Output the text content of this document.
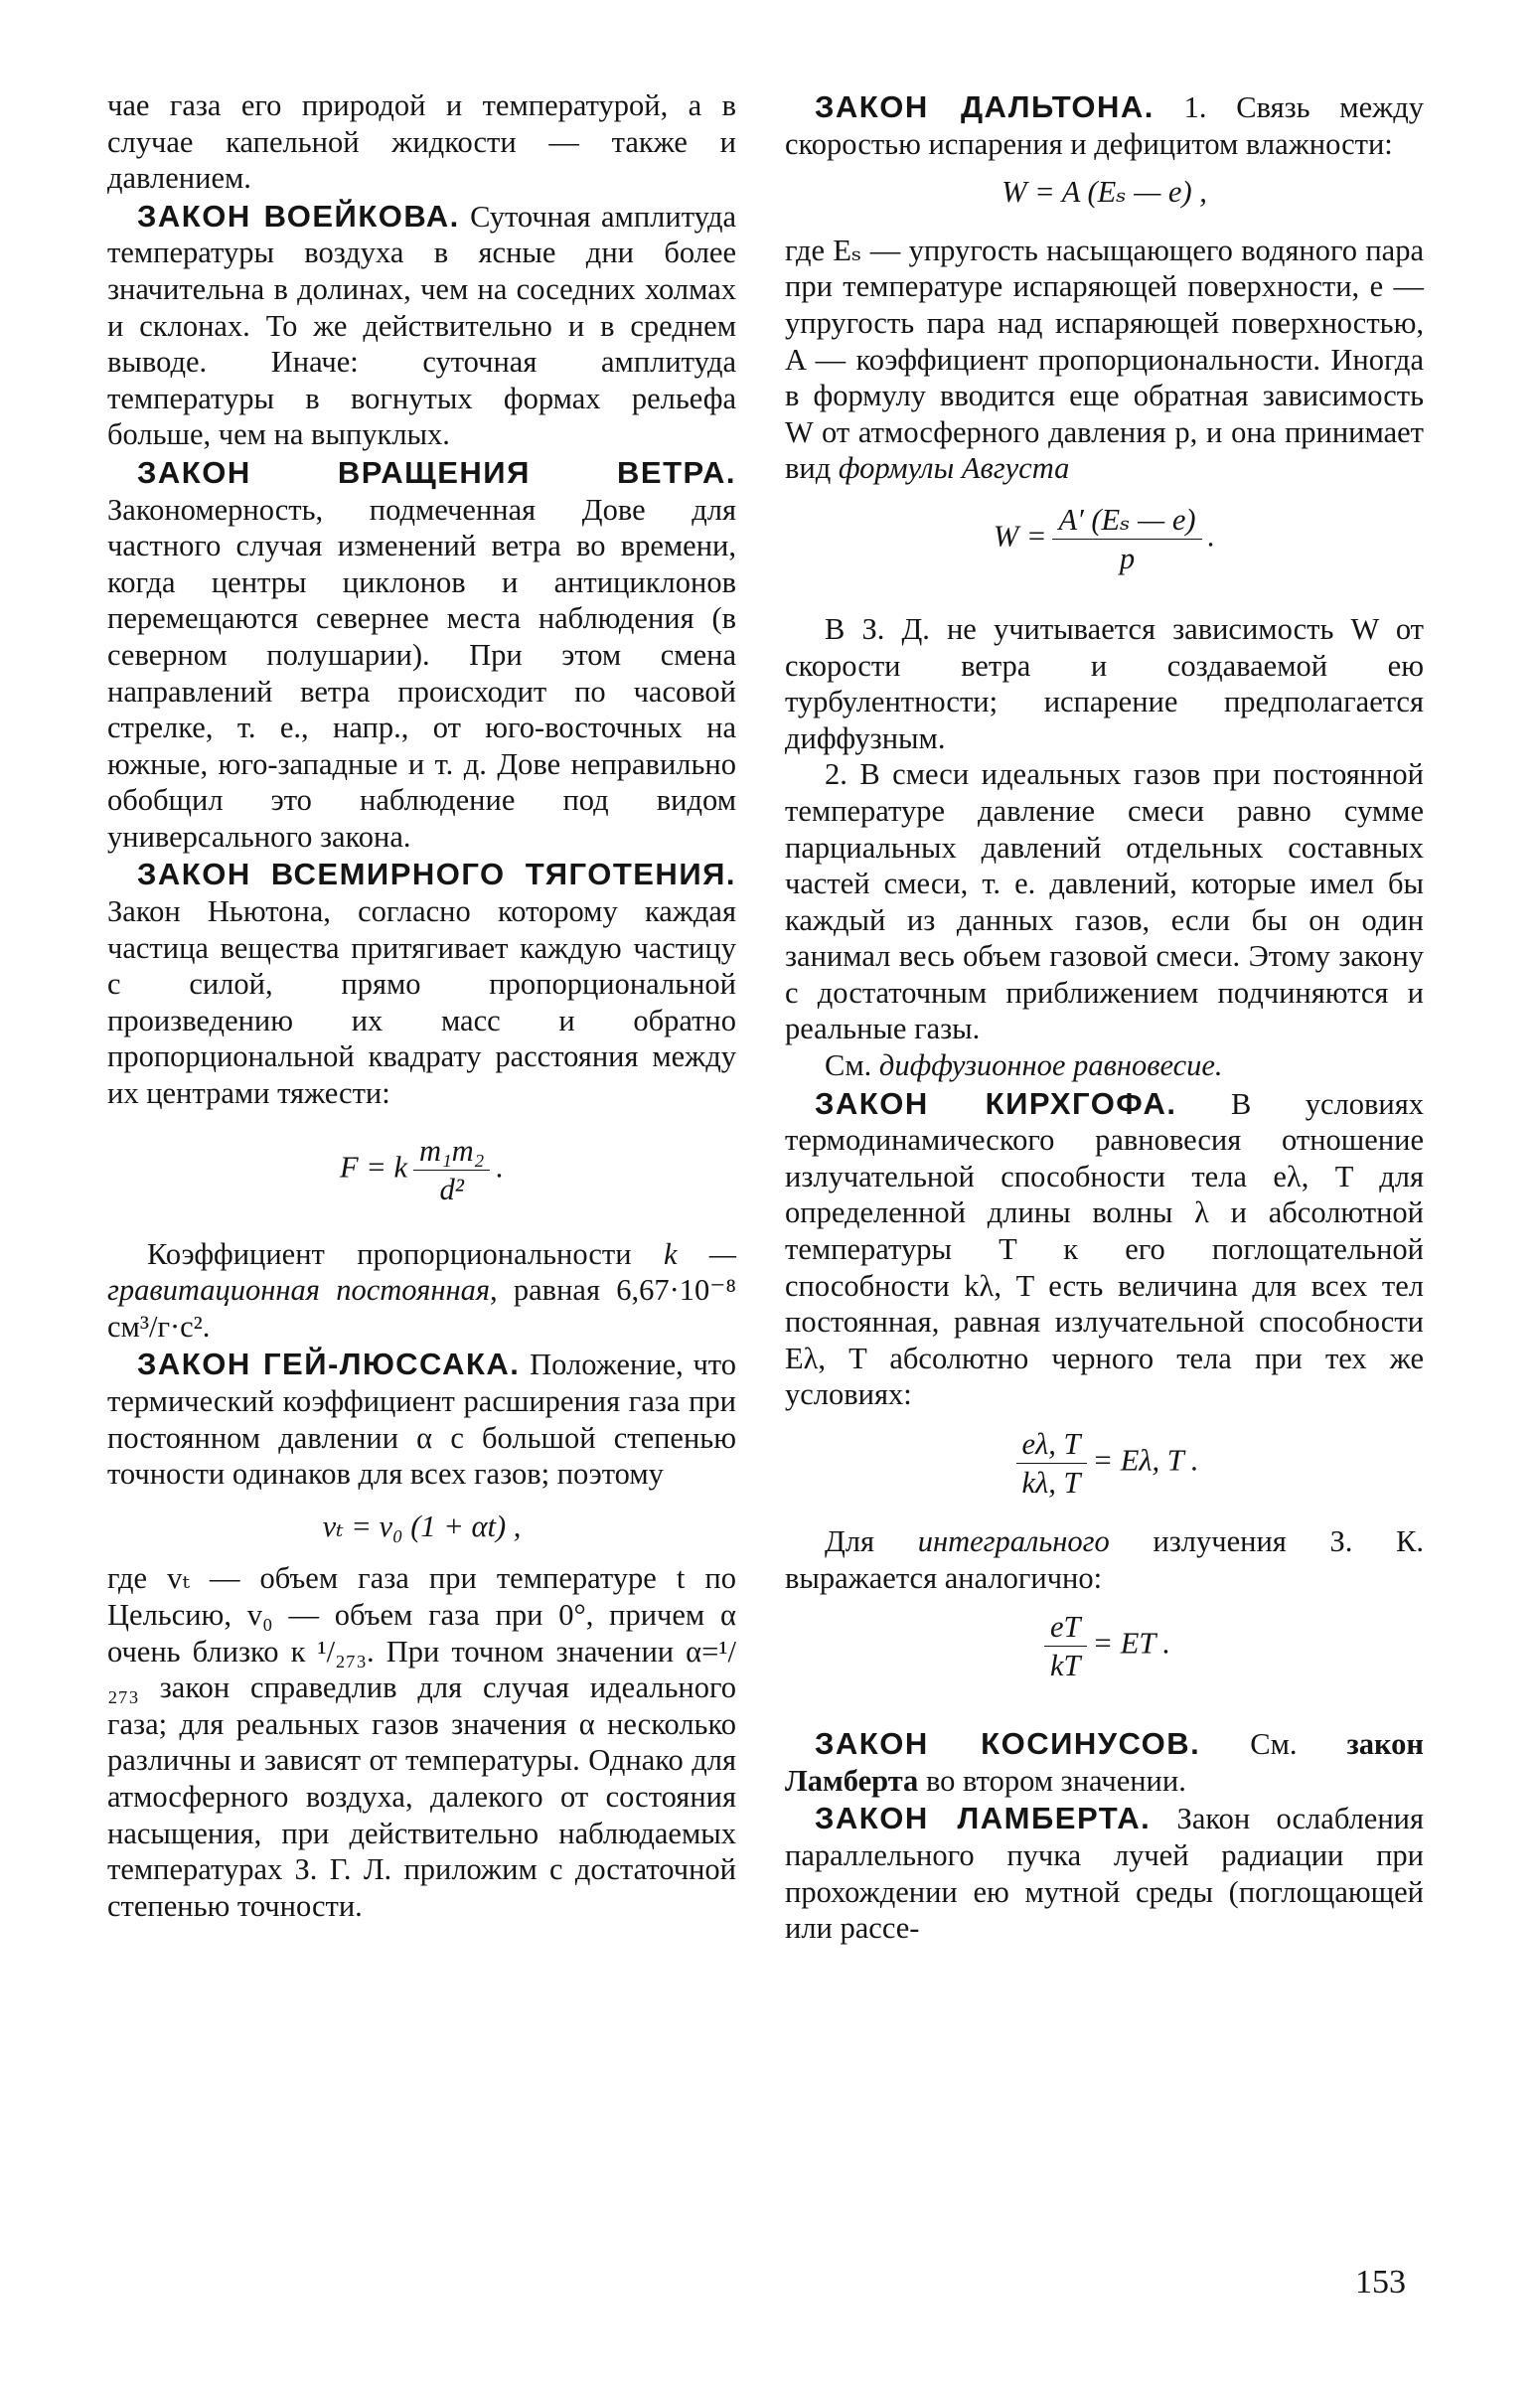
чае газа его природой и температурой, а в случае капельной жидкости — также и давлением.

ЗАКОН ВОЕЙКОВА. Суточная амплитуда температуры воздуха в ясные дни более значительна в долинах, чем на соседних холмах и склонах. То же действительно и в среднем выводе. Иначе: суточная амплитуда температуры в вогнутых формах рельефа больше, чем на выпуклых.

ЗАКОН ВРАЩЕНИЯ ВЕТРА. Закономерность, подмеченная Дове для частного случая изменений ветра во времени, когда центры циклонов и антициклонов перемещаются севернее места наблюдения (в северном полушарии). При этом смена направлений ветра происходит по часовой стрелке, т. е., напр., от юго-восточных на южные, юго-западные и т. д. Дове неправильно обобщил это наблюдение под видом универсального закона.

ЗАКОН ВСЕМИРНОГО ТЯГОТЕНИЯ. Закон Ньютона, согласно которому каждая частица вещества притягивает каждую частицу с силой, прямо пропорциональной произведению их масс и обратно пропорциональной квадрату расстояния между их центрами тяжести:

F = k $\frac{\text{m₁m₂}}{\text{d²}}$ .

Коэффициент пропорциональности k — гравитационная постоянная, равная 6,67·10⁻⁸ см³/г·с².

ЗАКОН ГЕЙ-ЛЮССАКА. Положение, что термический коэффициент расширения газа при постоянном давлении α с большой степенью точности одинаков для всех газов; поэтому

vₜ = v₀ (1 + αt) ,

где vₜ — объем газа при температуре t по Цельсию, v₀ — объем газа при 0°, причем α очень близко к ¹/₂₇₃. При точном значении α=¹/₂₇₃ закон справедлив для случая идеального газа; для реальных газов значения α несколько различны и зависят от температуры. Однако для атмосферного воздуха, далекого от состояния насыщения, при действительно наблюдаемых температурах З. Г. Л. приложим с достаточной степенью точности.

ЗАКОН ДАЛЬТОНА. 1. Связь между скоростью испарения и дефицитом влажности:

W = A (Eₛ — e) ,

где Eₛ — упругость насыщающего водяного пара при температуре испаряющей поверхности, e — упругость пара над испаряющей поверхностью, A — коэффициент пропорциональности. Иногда в формулу вводится еще обратная зависимость W от атмосферного давления p, и она принимает вид формулы Августа

$W = \frac{\text{A′ (Eₛ — e)}}{p}$ .

В З. Д. не учитывается зависимость W от скорости ветра и создаваемой ею турбулентности; испарение предполагается диффузным.

2. В смеси идеальных газов при постоянной температуре давление смеси равно сумме парциальных давлений отдельных составных частей смеси, т. е. давлений, которые имел бы каждый из данных газов, если бы он один занимал весь объем газовой смеси. Этому закону с достаточным приближением подчиняются и реальные газы.

См. диффузионное равновесие.

ЗАКОН КИРХГОФА. В условиях термодинамического равновесия отношение излучательной способности тела eλ, T для определенной длины волны λ и абсолютной температуры T к его поглощательной способности kλ, T есть величина для всех тел постоянная, равная излучательной способности Eλ, T абсолютно черного тела при тех же условиях:

$\frac{e\lambda, T}{k\lambda, T} = E\lambda$, T .

Для интегрального излучения З. К. выражается аналогично:

$\frac{eT}{kT}$ = ET .

ЗАКОН КОСИНУСОВ. См. закон Ламберта во втором значении.

ЗАКОН ЛАМБЕРТА. Закон ослабления параллельного пучка лучей радиации при прохождении ею мутной среды (поглощающей или рассе-

153
